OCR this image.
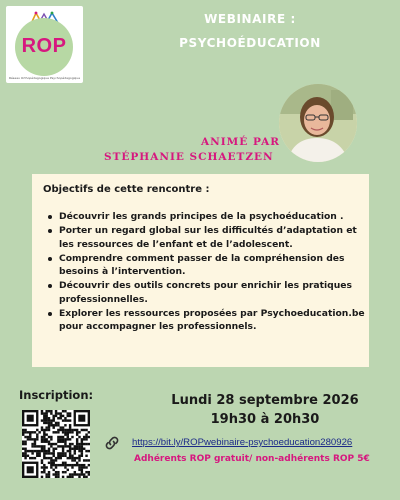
ROP
Réseau Orthopédagogique Psychopédagogique
WEBINAIRE :
PSYCHOÉDUCATION
ANIMÉ PAR
STÉPHANIE SCHAETZEN
Objectifs de cette rencontre :
Découvrir les grands principes de la psychoéducation .
Porter un regard global sur les difficultés d’adaptation et les ressources de l’enfant et de l’adolescent.
Comprendre comment passer de la compréhension des besoins à l’intervention.
Découvrir des outils concrets pour enrichir les pratiques professionnelles.
Explorer les ressources proposées par Psychoeducation.be pour accompagner les professionnels.
Inscription:	Lundi 28 septembre 2026
19h30 à 20h30
https://bit.ly/ROPwebinaire-psychoeducation280926
Adhérents ROP gratuit/ non-adhérents ROP 5€
